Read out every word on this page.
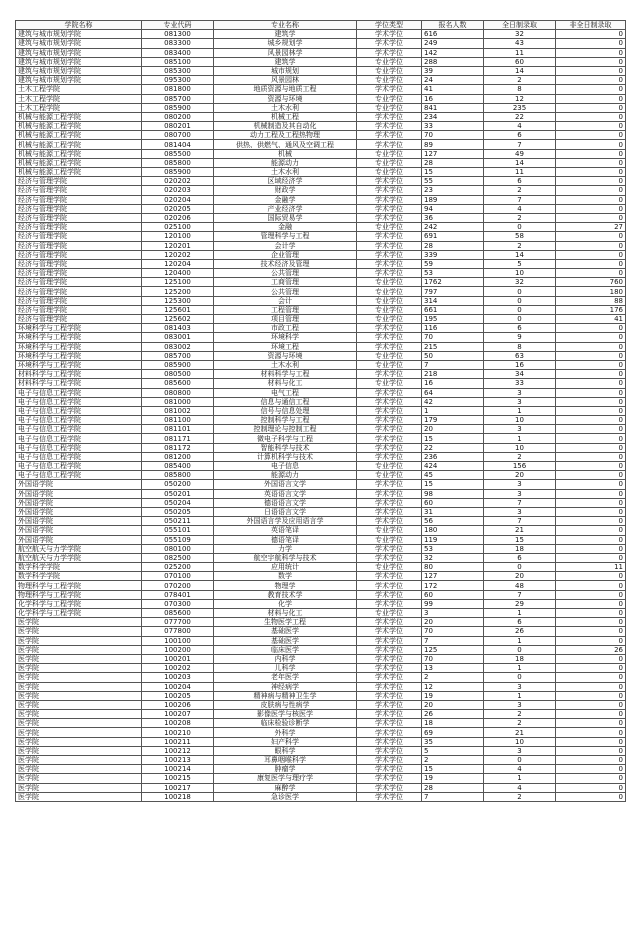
学院名称	专业代码	专业名称	学位类型	报名人数	全日制录取	非全日制录取
建筑与城市规划学院	081300	建筑学	学术学位	616	32	0
建筑与城市规划学院	083300	城乡规划学	学术学位	249	43	0
建筑与城市规划学院	083400	风景园林学	学术学位	142	11	0
建筑与城市规划学院	085100	建筑学	专业学位	288	60	0
建筑与城市规划学院	085300	城市规划	专业学位	39	14	0
建筑与城市规划学院	095300	风景园林	专业学位	24	2	0
土木工程学院	081800	地质资源与地质工程	学术学位	41	8	0
土木工程学院	085700	资源与环境	专业学位	16	12	0
土木工程学院	085900	土木水利	专业学位	841	235	0
机械与能源工程学院	080200	机械工程	学术学位	234	22	0
机械与能源工程学院	080201	机械制造及其自动化	学术学位	33	4	0
机械与能源工程学院	080700	动力工程及工程热物理	学术学位	70	6	0
机械与能源工程学院	081404	供热、供燃气、通风及空调工程	学术学位	89	7	0
机械与能源工程学院	085500	机械	专业学位	127	49	0
机械与能源工程学院	085800	能源动力	专业学位	28	14	0
机械与能源工程学院	085900	土木水利	专业学位	15	11	0
经济与管理学院	020202	区域经济学	学术学位	55	6	0
经济与管理学院	020203	财政学	学术学位	23	2	0
经济与管理学院	020204	金融学	学术学位	189	7	0
经济与管理学院	020205	产业经济学	学术学位	94	4	0
经济与管理学院	020206	国际贸易学	学术学位	36	2	0
经济与管理学院	025100	金融	专业学位	242	0	27
经济与管理学院	120100	管理科学与工程	学术学位	691	58	0
经济与管理学院	120201	会计学	学术学位	28	2	0
经济与管理学院	120202	企业管理	学术学位	339	14	0
经济与管理学院	120204	技术经济及管理	学术学位	59	5	0
经济与管理学院	120400	公共管理	学术学位	53	10	0
经济与管理学院	125100	工商管理	专业学位	1762	32	760
经济与管理学院	125200	公共管理	专业学位	797	0	180
经济与管理学院	125300	会计	专业学位	314	0	88
经济与管理学院	125601	工程管理	专业学位	661	0	176
经济与管理学院	125602	项目管理	专业学位	195	0	41
环境科学与工程学院	081403	市政工程	学术学位	116	6	0
环境科学与工程学院	083001	环境科学	学术学位	70	9	0
环境科学与工程学院	083002	环境工程	学术学位	215	8	0
环境科学与工程学院	085700	资源与环境	专业学位	50	63	0
环境科学与工程学院	085900	土木水利	专业学位	7	16	0
材料科学与工程学院	080500	材料科学与工程	学术学位	218	34	0
材料科学与工程学院	085600	材料与化工	专业学位	16	33	0
电子与信息工程学院	080800	电气工程	学术学位	64	3	0
电子与信息工程学院	081000	信息与通信工程	学术学位	42	3	0
电子与信息工程学院	081002	信号与信息处理	学术学位	1	1	0
电子与信息工程学院	081100	控制科学与工程	学术学位	179	10	0
电子与信息工程学院	081101	控制理论与控制工程	学术学位	20	3	0
电子与信息工程学院	081171	微电子科学与工程	学术学位	15	1	0
电子与信息工程学院	081172	智能科学与技术	学术学位	22	10	0
电子与信息工程学院	081200	计算机科学与技术	学术学位	236	2	0
电子与信息工程学院	085400	电子信息	专业学位	424	156	0
电子与信息工程学院	085800	能源动力	专业学位	45	20	0
外国语学院	050200	外国语言文学	学术学位	15	3	0
外国语学院	050201	英语语言文学	学术学位	98	3	0
外国语学院	050204	德语语言文学	学术学位	60	7	0
外国语学院	050205	日语语言文学	学术学位	31	3	0
外国语学院	050211	外国语言学及应用语言学	学术学位	56	7	0
外国语学院	055101	英语笔译	专业学位	180	21	0
外国语学院	055109	德语笔译	专业学位	119	15	0
航空航天与力学学院	080100	力学	学术学位	53	18	0
航空航天与力学学院	082500	航空宇航科学与技术	学术学位	32	6	0
数学科学学院	025200	应用统计	专业学位	80	0	11
数学科学学院	070100	数学	学术学位	127	20	0
物理科学与工程学院	070200	物理学	学术学位	172	48	0
物理科学与工程学院	078401	教育技术学	学术学位	60	7	0
化学科学与工程学院	070300	化学	学术学位	99	29	0
化学科学与工程学院	085600	材料与化工	专业学位	3	1	0
医学院	077700	生物医学工程	学术学位	20	6	0
医学院	077800	基础医学	学术学位	70	26	0
医学院	100100	基础医学	学术学位	7	1	0
医学院	100200	临床医学	学术学位	125	0	26
医学院	100201	内科学	学术学位	70	18	0
医学院	100202	儿科学	学术学位	13	1	0
医学院	100203	老年医学	学术学位	2	0	0
医学院	100204	神经病学	学术学位	12	3	0
医学院	100205	精神病与精神卫生学	学术学位	19	1	0
医学院	100206	皮肤病与性病学	学术学位	20	3	0
医学院	100207	影像医学与核医学	学术学位	26	2	0
医学院	100208	临床检验诊断学	学术学位	18	2	0
医学院	100210	外科学	学术学位	69	21	0
医学院	100211	妇产科学	学术学位	35	10	0
医学院	100212	眼科学	学术学位	5	3	0
医学院	100213	耳鼻咽喉科学	学术学位	2	0	0
医学院	100214	肿瘤学	学术学位	15	4	0
医学院	100215	康复医学与理疗学	学术学位	19	1	0
医学院	100217	麻醉学	学术学位	28	4	0
医学院	100218	急诊医学	学术学位	7	2	0
